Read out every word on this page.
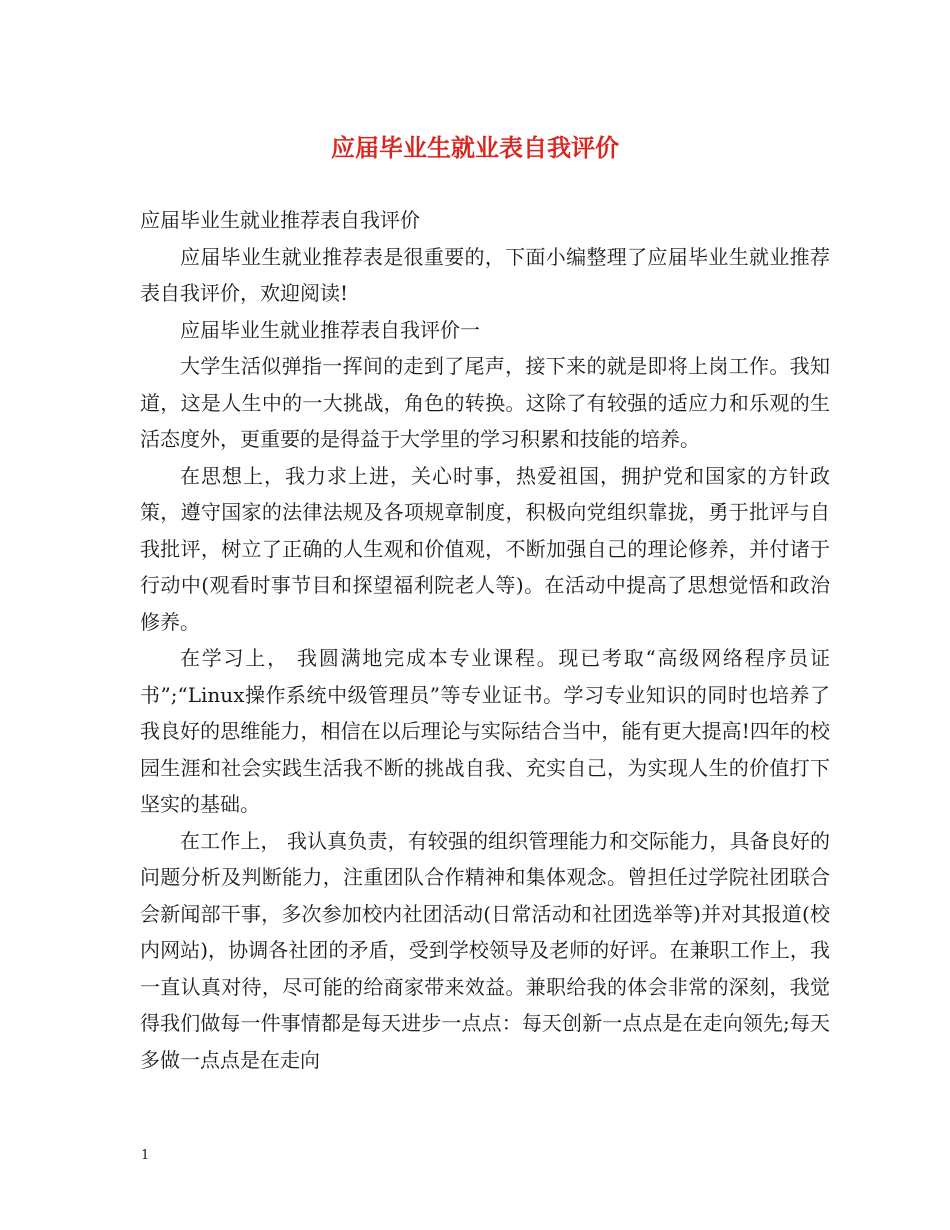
应届毕业生就业表自我评价

应届毕业生就业推荐表自我评价

应届毕业生就业推荐表是很重要的，下面小编整理了应届毕业生就业推荐表自我评价，欢迎阅读!

应届毕业生就业推荐表自我评价一

大学生活似弹指一挥间的走到了尾声，接下来的就是即将上岗工作。我知道，这是人生中的一大挑战，角色的转换。这除了有较强的适应力和乐观的生活态度外，更重要的是得益于大学里的学习积累和技能的培养。

在思想上，我力求上进，关心时事，热爱祖国，拥护党和国家的方针政策，遵守国家的法律法规及各项规章制度，积极向党组织靠拢，勇于批评与自我批评，树立了正确的人生观和价值观，不断加强自己的理论修养，并付诸于行动中(观看时事节目和探望福利院老人等)。在活动中提高了思想觉悟和政治修养。

在学习上， 我圆满地完成本专业课程。现已考取“高级网络程序员证书”;“Linux操作系统中级管理员”等专业证书。学习专业知识的同时也培养了我良好的思维能力，相信在以后理论与实际结合当中，能有更大提高!四年的校园生涯和社会实践生活我不断的挑战自我、充实自己，为实现人生的价值打下坚实的基础。

在工作上， 我认真负责，有较强的组织管理能力和交际能力，具备良好的问题分析及判断能力，注重团队合作精神和集体观念。曾担任过学院社团联合会新闻部干事，多次参加校内社团活动(日常活动和社团选举等)并对其报道(校内网站)，协调各社团的矛盾，受到学校领导及老师的好评。在兼职工作上，我一直认真对待，尽可能的给商家带来效益。兼职给我的体会非常的深刻，我觉得我们做每一件事情都是每天进步一点点：每天创新一点点是在走向领先;每天多做一点点是在走向

1
